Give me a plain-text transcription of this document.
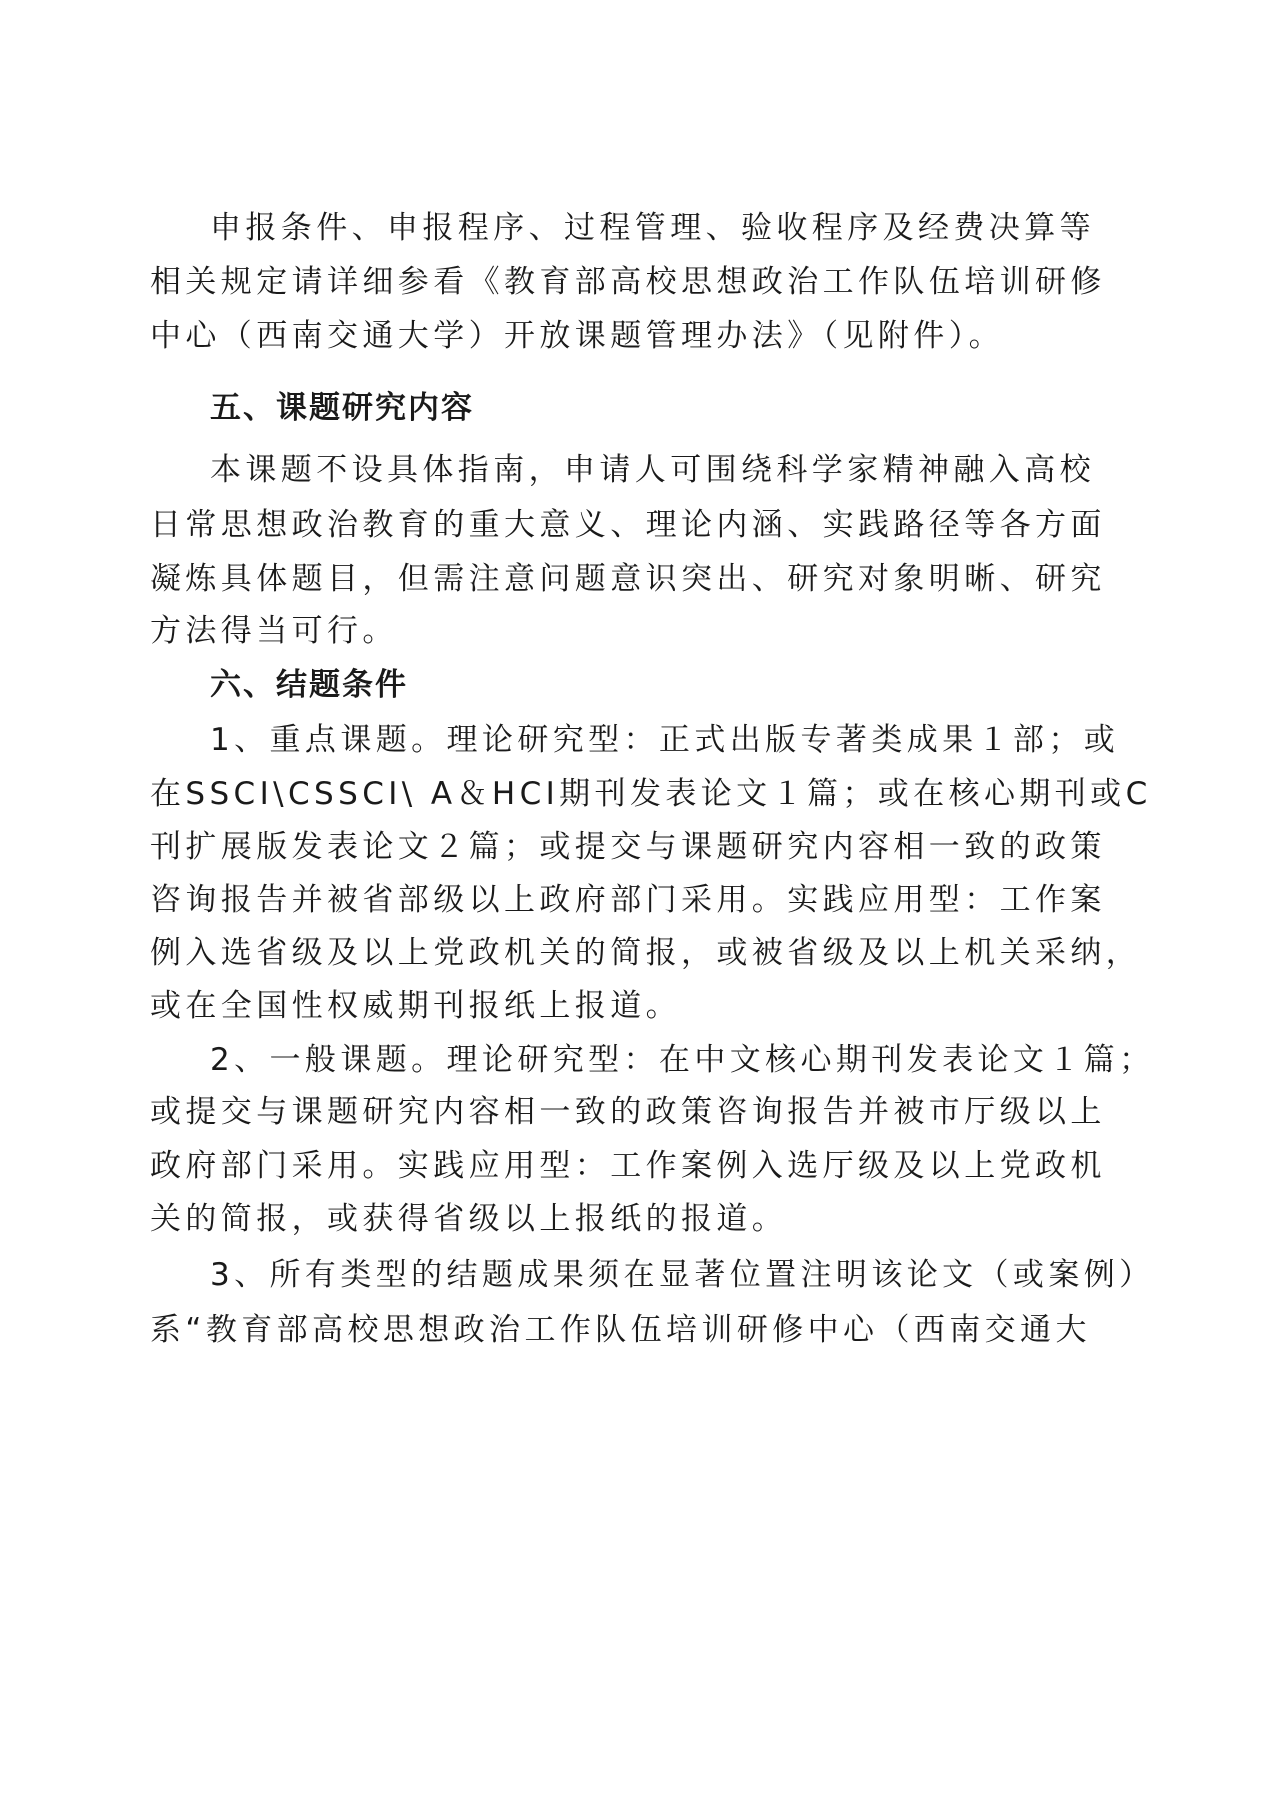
申报条件、申报程序、过程管理、验收程序及经费决算等
相关规定请详细参看《教育部高校思想政治工作队伍培训研修
中心（西南交通大学）开放课题管理办法》（见附件）。
五、课题研究内容
本课题不设具体指南，申请人可围绕科学家精神融入高校
日常思想政治教育的重大意义、理论内涵、实践路径等各方面
凝炼具体题目，但需注意问题意识突出、研究对象明晰、研究
方法得当可行。
六、结题条件
1、重点课题。理论研究型：正式出版专著类成果１部；或
在SSCI\CSSCI\ A＆HCI期刊发表论文１篇；或在核心期刊或C
刊扩展版发表论文２篇；或提交与课题研究内容相一致的政策
咨询报告并被省部级以上政府部门采用。实践应用型：工作案
例入选省级及以上党政机关的简报，或被省级及以上机关采纳，
或在全国性权威期刊报纸上报道。
2、一般课题。理论研究型：在中文核心期刊发表论文１篇；
或提交与课题研究内容相一致的政策咨询报告并被市厅级以上
政府部门采用。实践应用型：工作案例入选厅级及以上党政机
关的简报，或获得省级以上报纸的报道。
3、所有类型的结题成果须在显著位置注明该论文（或案例）
系“教育部高校思想政治工作队伍培训研修中心（西南交通大
